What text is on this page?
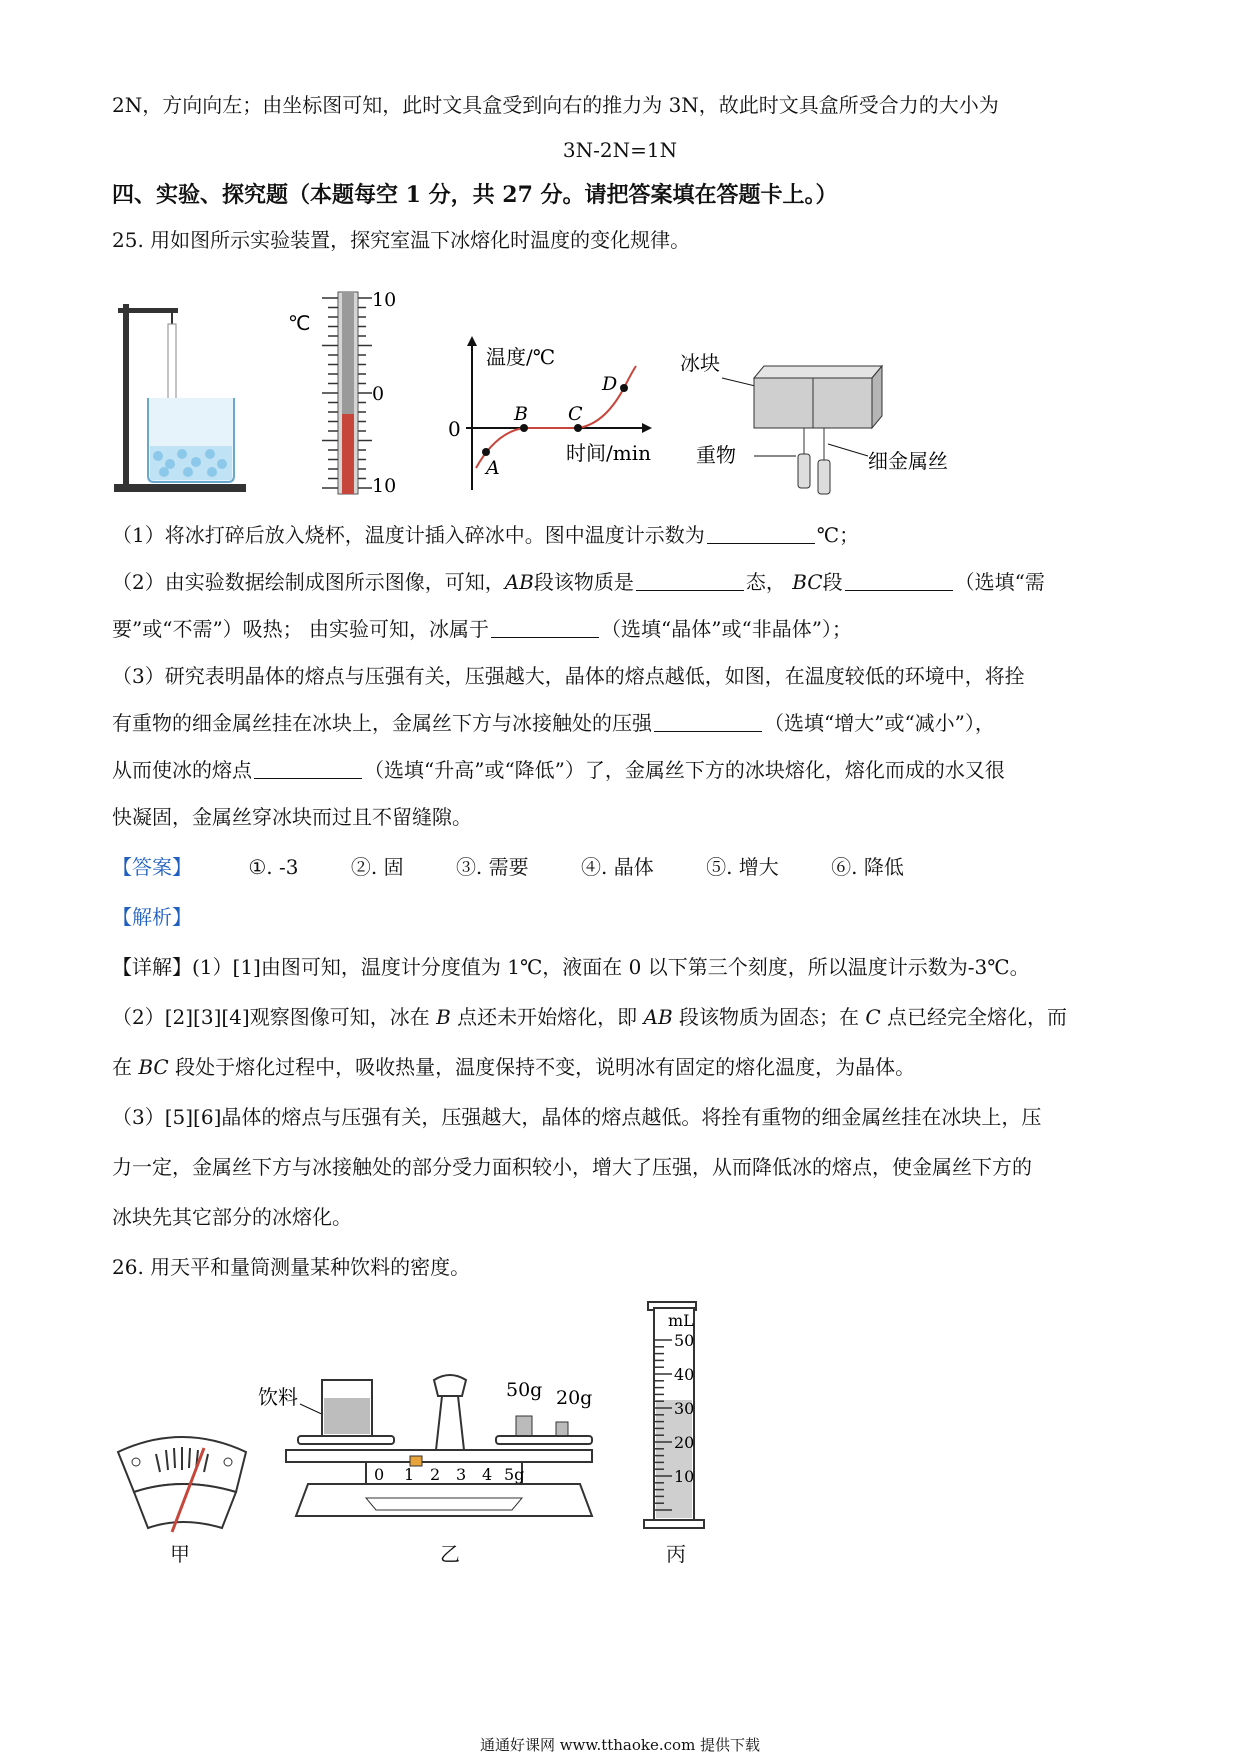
2N，方向向左；由坐标图可知，此时文具盒受到向右的推力为 3N，故此时文具盒所受合力的大小为
3N-2N=1N
四、实验、探究题（本题每空 1 分，共 27 分。请把答案填在答题卡上。）
25. 用如图所示实验装置，探究室温下冰熔化时温度的变化规律。
℃
10
0
10
温度/℃
时间/min
0
A
B C
D
冰块
重物	细金属丝
（1）将冰打碎后放入烧杯，温度计插入碎冰中。图中温度计示数为	℃；
（2）由实验数据绘制成图所示图像，可知，AB段该物质是	态， BC段	（选填“需
要”或“不需”）吸热； 由实验可知，冰属于	（选填“晶体”或“非晶体”）；
（3）研究表明晶体的熔点与压强有关，压强越大，晶体的熔点越低，如图，在温度较低的环境中，将拴
有重物的细金属丝挂在冰块上，金属丝下方与冰接触处的压强	（选填“增大”或“减小”），
从而使冰的熔点	（选填“升高”或“降低”）了，金属丝下方的冰块熔化，熔化而成的水又很
快凝固，金属丝穿冰块而过且不留缝隙。
【答案】	①. -3	②. 固	③. 需要	④. 晶体	⑤. 增大	⑥. 降低
【解析】
【详解】(1）[1]由图可知，温度计分度值为 1℃，液面在 0 以下第三个刻度，所以温度计示数为-3℃。
（2）[2][3][4]观察图像可知，冰在 B 点还未开始熔化，即 AB 段该物质为固态；在 C 点已经完全熔化，而
在 BC 段处于熔化过程中，吸收热量，温度保持不变，说明冰有固定的熔化温度，为晶体。
（3）[5][6]晶体的熔点与压强有关，压强越大，晶体的熔点越低。将拴有重物的细金属丝挂在冰块上，压
力一定，金属丝下方与冰接触处的部分受力面积较小，增大了压强，从而降低冰的熔点，使金属丝下方的
冰块先其它部分的冰熔化。
26. 用天平和量筒测量某种饮料的密度。
甲
饮料	50g 20g
0 1 2 3 4 5g
乙
mL
50
40
30
20
10
丙
通通好课网 www.tthaoke.com 提供下载
